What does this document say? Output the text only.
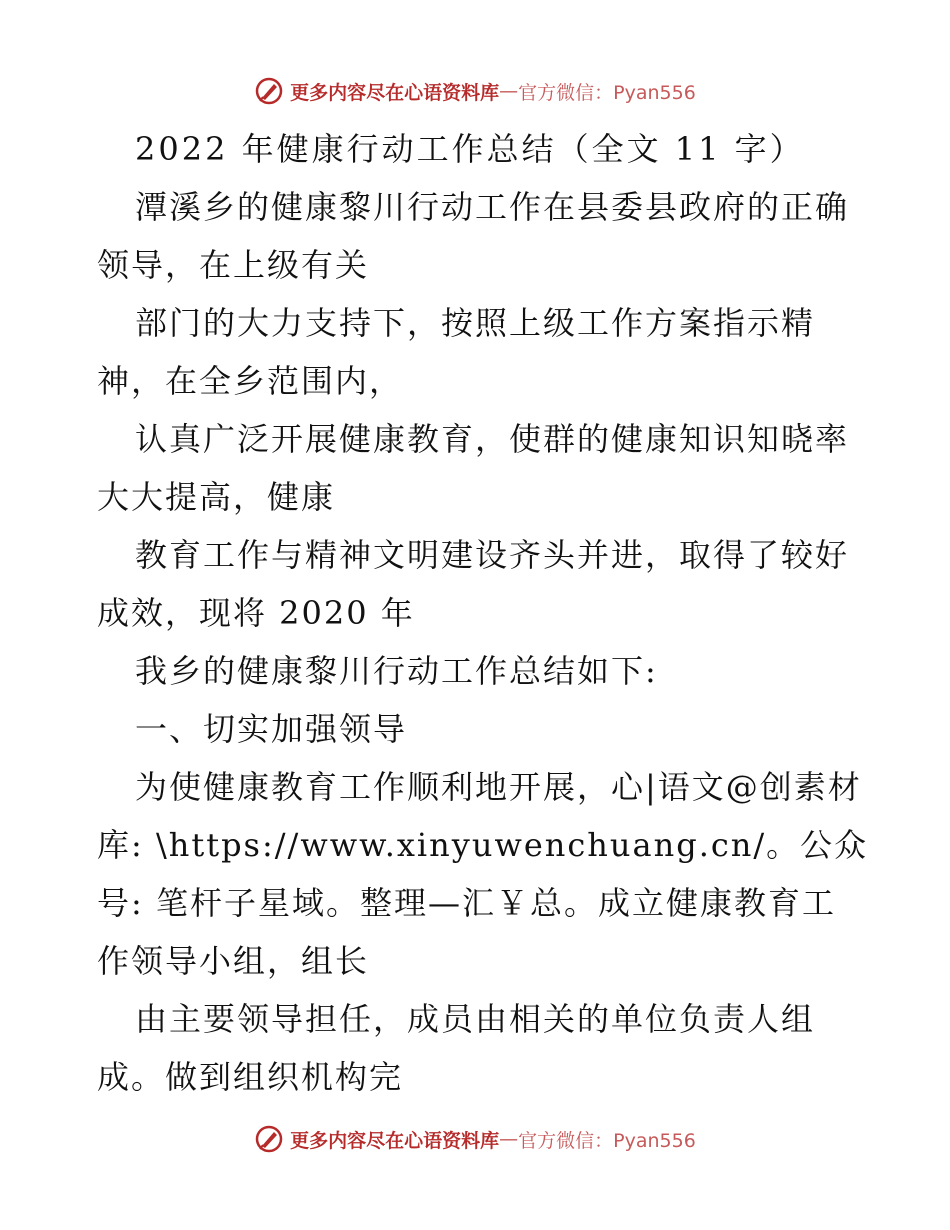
更多内容尽在心语资料库 — 官方微信：Pyan556
2022 年健康行动工作总结（全文 11 字）
潭溪乡的健康黎川行动工作在县委县政府的正确
领导，在上级有关
部门的大力支持下，按照上级工作方案指示精
神，在全乡范围内，
认真广泛开展健康教育，使群的健康知识知晓率
大大提高，健康
教育工作与精神文明建设齐头并进，取得了较好
成效，现将 2020 年
我乡的健康黎川行动工作总结如下:
一、切实加强领导
为使健康教育工作顺利地开展，心|语文@创素材
库: \https://www.xinyuwenchuang.cn/。公众
号: 笔杆子星域。整理—汇￥总。成立健康教育工
作领导小组，组长
由主要领导担任，成员由相关的单位负责人组
成。做到组织机构完
更多内容尽在心语资料库 — 官方微信：Pyan556
